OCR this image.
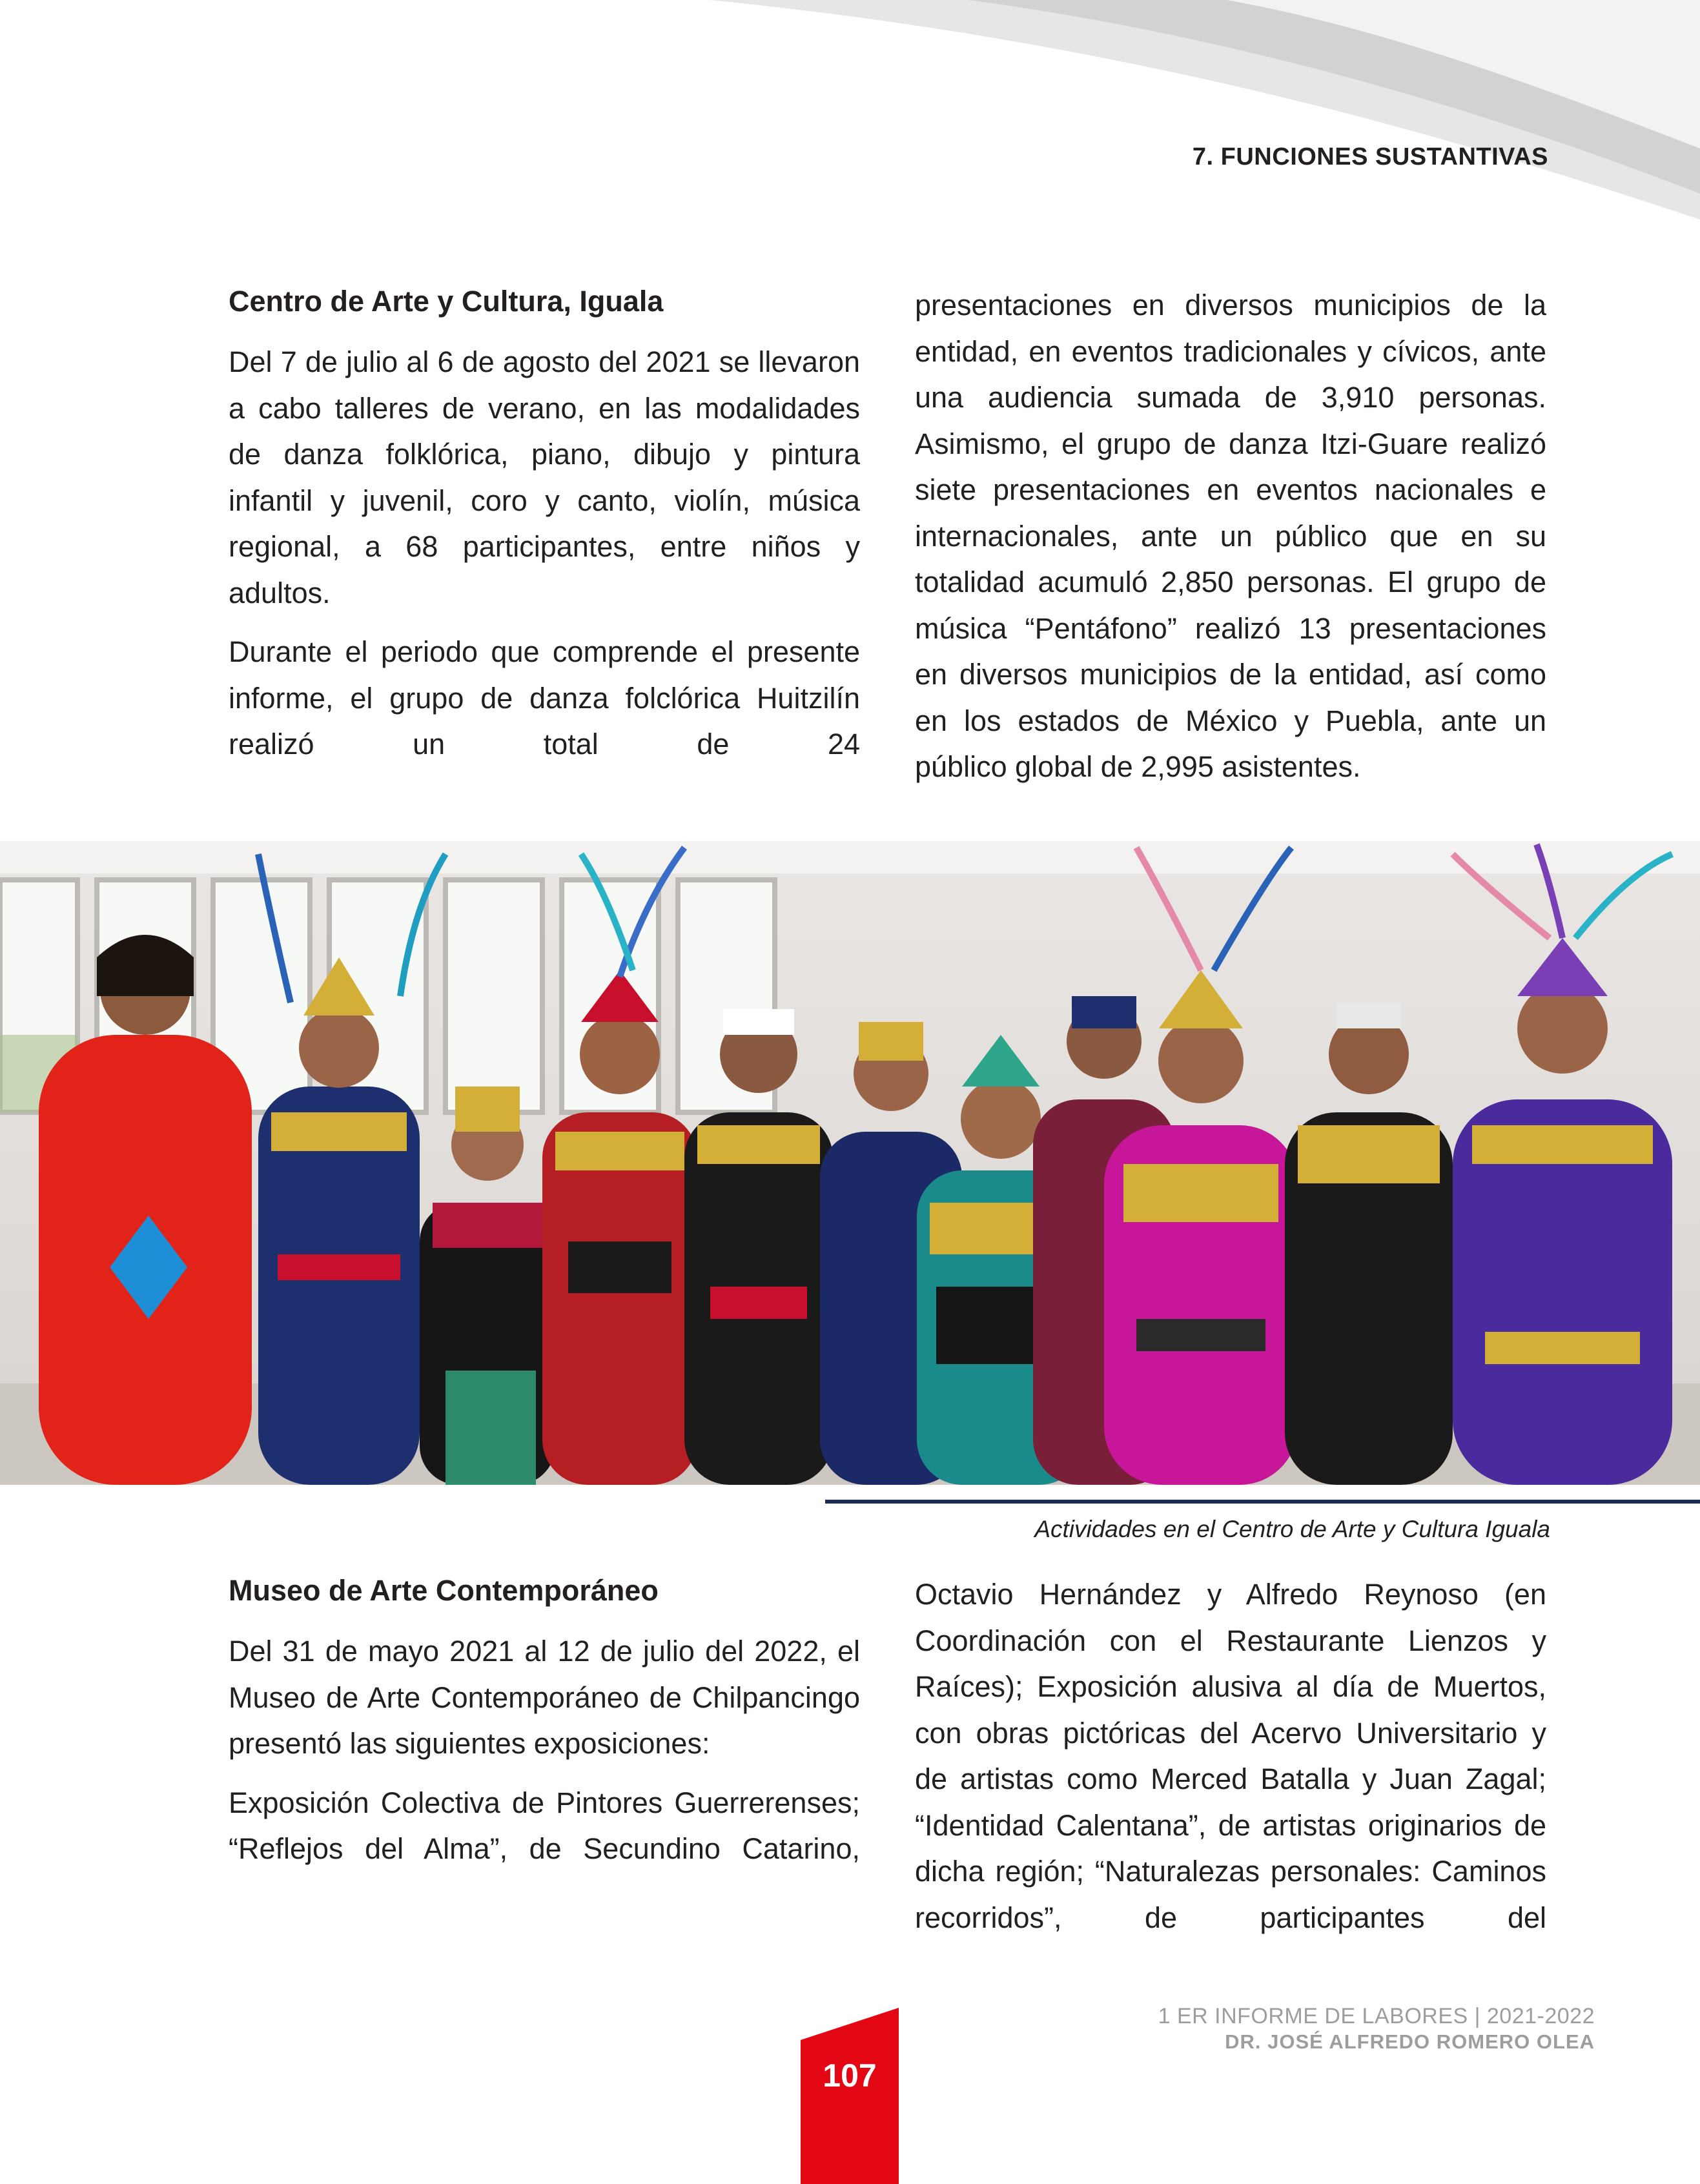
7. FUNCIONES SUSTANTIVAS
Centro de Arte y Cultura, Iguala

Del 7 de julio al 6 de agosto del 2021 se llevaron a cabo talleres de verano, en las modalidades de danza folklórica, piano, dibujo y pintura infantil y juvenil, coro y canto, violín, música regional, a 68 participantes, entre niños y adultos.

Durante el periodo que comprende el presente informe, el grupo de danza folclórica Huitzilín realizó un total de 24

presentaciones en diversos municipios de la entidad, en eventos tradicionales y cívicos, ante una audiencia sumada de 3,910 personas. Asimismo, el grupo de danza Itzi-Guare realizó siete presentaciones en eventos nacionales e internacionales, ante un público que en su totalidad acumuló 2,850 personas. El grupo de música “Pentáfono” realizó 13 presentaciones en diversos municipios de la entidad, así como en los estados de México y Puebla, ante un público global de 2,995 asistentes.

Actividades en el Centro de Arte y Cultura Iguala
Museo de Arte Contemporáneo

Del 31 de mayo 2021 al 12 de julio del 2022, el Museo de Arte Contemporáneo de Chilpancingo presentó las siguientes exposiciones:

Exposición Colectiva de Pintores Guerrerenses; “Reflejos del Alma”, de Secundino Catarino,

Octavio Hernández y Alfredo Reynoso (en Coordinación con el Restaurante Lienzos y Raíces); Exposición alusiva al día de Muertos, con obras pictóricas del Acervo Universitario y de artistas como Merced Batalla y Juan Zagal; “Identidad Calentana”, de artistas originarios de dicha región; “Naturalezas personales: Caminos recorridos”, de participantes del

107
1 ER INFORME DE LABORES | 2021-2022
DR. JOSÉ ALFREDO ROMERO OLEA
